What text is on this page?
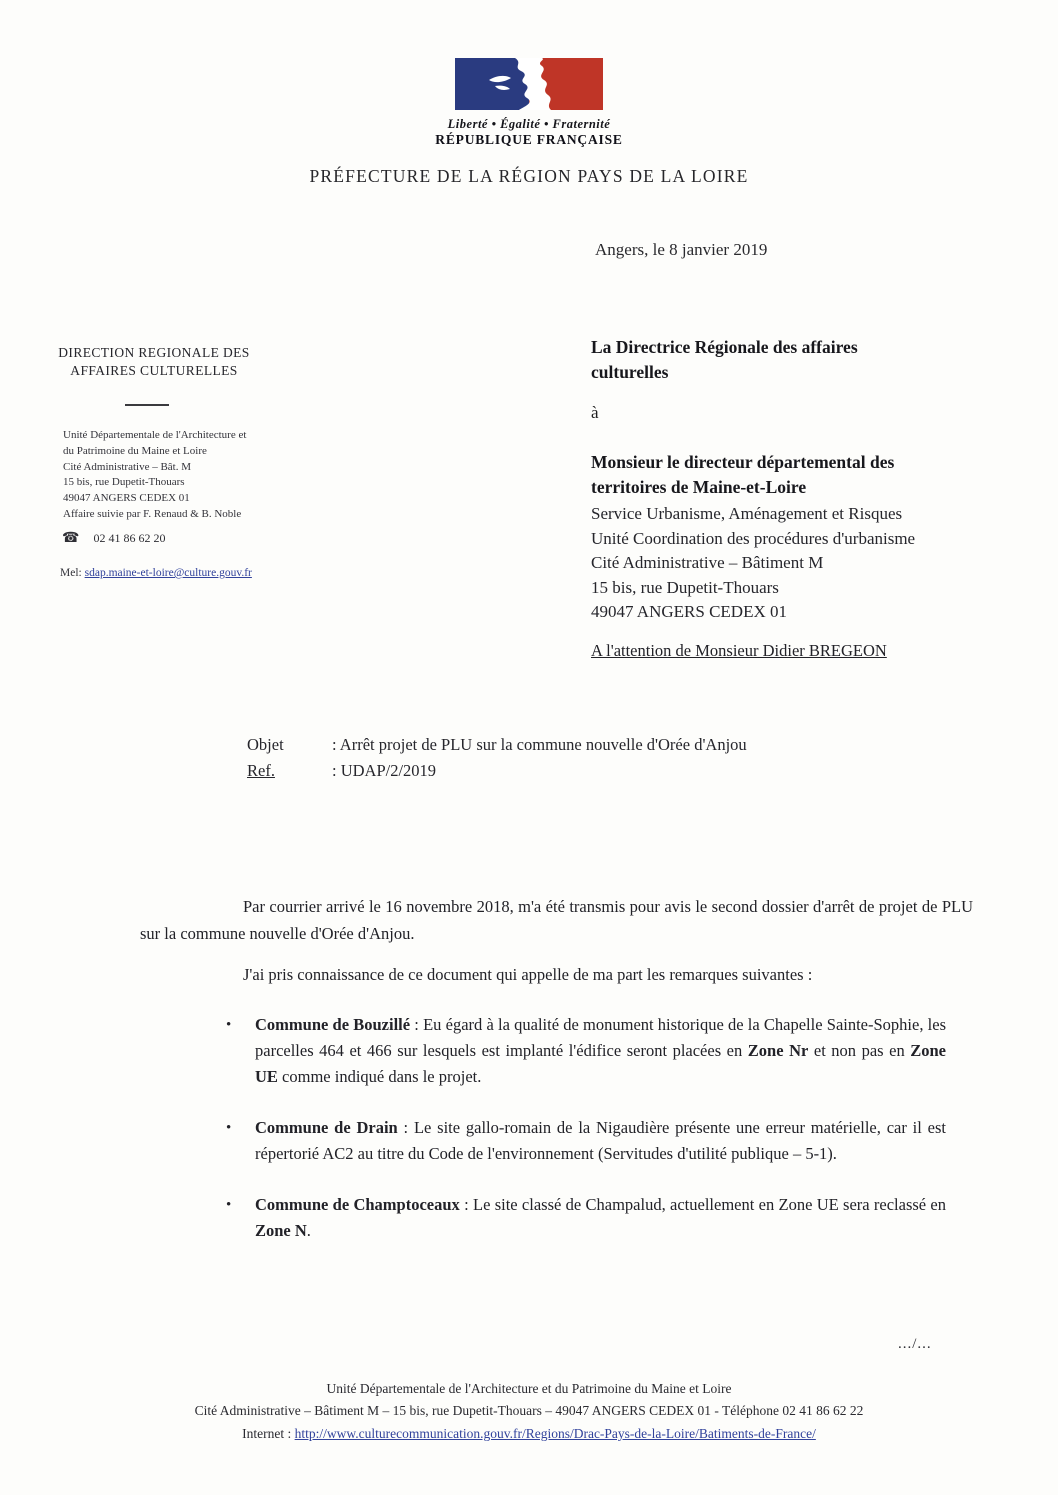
Liberté • Égalité • Fraternité
RÉPUBLIQUE FRANÇAISE
PRÉFECTURE DE LA RÉGION PAYS DE LA LOIRE
Angers, le 8 janvier 2019
DIRECTION REGIONALE DES
AFFAIRES CULTURELLES
Unité Départementale de l'Architecture et
du Patrimoine du Maine et Loire
Cité Administrative – Bât. M
15 bis, rue Dupetit-Thouars
49047 ANGERS CEDEX 01
Affaire suivie par F. Renaud & B. Noble
☎ 02 41 86 62 20
Mel: sdap.maine-et-loire@culture.gouv.fr
La Directrice Régionale des affaires culturelles
à
Monsieur le directeur départemental des territoires de Maine-et-Loire
Service Urbanisme, Aménagement et Risques
Unité Coordination des procédures d'urbanisme
Cité Administrative – Bâtiment M
15 bis, rue Dupetit-Thouars
49047 ANGERS CEDEX 01
A l'attention de Monsieur Didier BREGEON
Objet	: Arrêt projet de PLU sur la commune nouvelle d'Orée d'Anjou
Ref.	: UDAP/2/2019
Par courrier arrivé le 16 novembre 2018, m'a été transmis pour avis le second dossier d'arrêt de projet de PLU sur la commune nouvelle d'Orée d'Anjou.
J'ai pris connaissance de ce document qui appelle de ma part les remarques suivantes :
• Commune de Bouzillé : Eu égard à la qualité de monument historique de la Chapelle Sainte-Sophie, les parcelles 464 et 466 sur lesquels est implanté l'édifice seront placées en Zone Nr et non pas en Zone UE comme indiqué dans le projet.
• Commune de Drain : Le site gallo-romain de la Nigaudière présente une erreur matérielle, car il est répertorié AC2 au titre du Code de l'environnement (Servitudes d'utilité publique – 5-1).
• Commune de Champtoceaux : Le site classé de Champalud, actuellement en Zone UE sera reclassé en Zone N.
.../...
Unité Départementale de l'Architecture et du Patrimoine du Maine et Loire
Cité Administrative – Bâtiment M – 15 bis, rue Dupetit-Thouars – 49047 ANGERS CEDEX 01 - Téléphone 02 41 86 62 22
Internet : http://www.culturecommunication.gouv.fr/Regions/Drac-Pays-de-la-Loire/Batiments-de-France/
